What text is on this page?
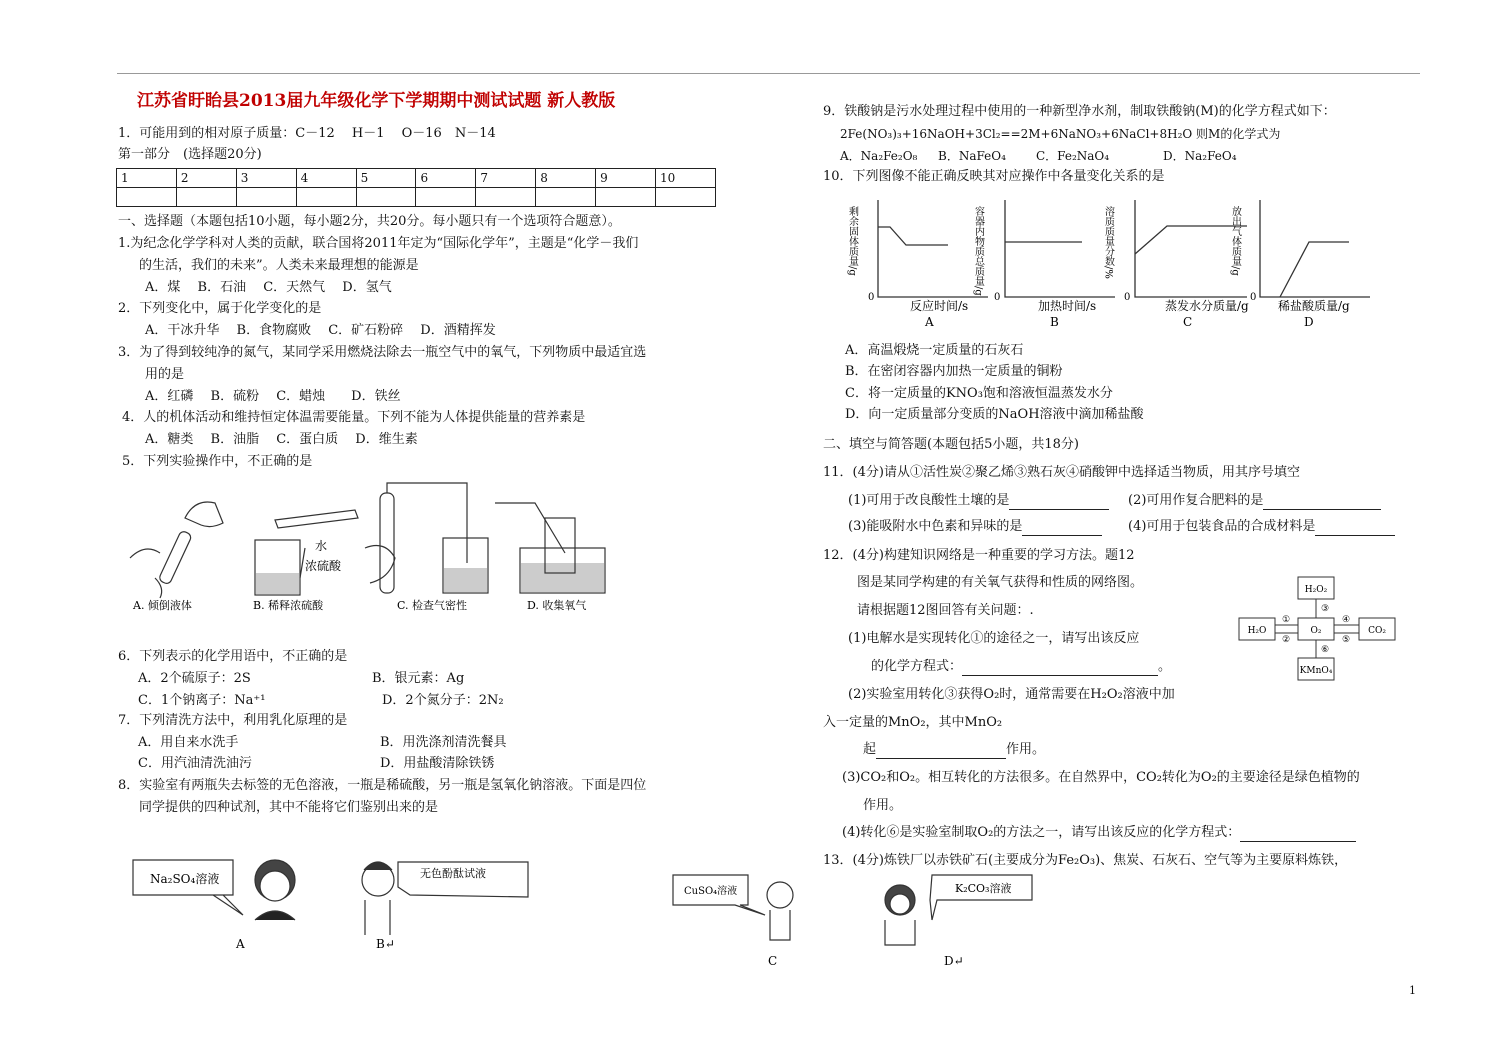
江苏省盱眙县2013届九年级化学下学期期中测试试题 新人教版
1．可能用到的相对原子质量：C－12　 H－1　 O－16　N－14
第一部分　(选择题20分)
1	2	3	4	5	6	7	8	9	10

一、选择题（本题包括10小题，每小题2分，共20分。每小题只有一个选项符合题意）。
1.为纪念化学学科对人类的贡献，联合国将2011年定为“国际化学年”，主题是“化学－我们
的生活，我们的未来”。人类未来最理想的能源是
A．煤　 B．石油　 C．天然气　 D．氢气
2．下列变化中，属于化学变化的是
A．干冰升华　 B．食物腐败　 C．矿石粉碎　 D．酒精挥发
3．为了得到较纯净的氮气，某同学采用燃烧法除去一瓶空气中的氧气，下列物质中最适宜选
用的是
A．红磷　 B．硫粉　 C．蜡烛　　D．铁丝
4．人的机体活动和维持恒定体温需要能量。下列不能为人体提供能量的营养素是
A．糖类　 B．油脂　 C．蛋白质　 D．维生素
5．下列实验操作中，不正确的是
水
浓硫酸
A. 倾倒液体	B. 稀释浓硫酸	C. 检查气密性	D. 收集氧气
6．下列表示的化学用语中，不正确的是
A．2个硫原子：2S	B．银元素：Ag
C．1个钠离子：Na⁺¹	D．2个氮分子：2N₂
7．下列清洗方法中，利用乳化原理的是
A．用自来水洗手	B．用洗涤剂清洗餐具
C．用汽油清洗油污	D．用盐酸清除铁锈
8．实验室有两瓶失去标签的无色溶液，一瓶是稀硫酸，另一瓶是氢氧化钠溶液。下面是四位
同学提供的四种试剂，其中不能将它们鉴别出来的是
Na₂SO₄溶液	无色酚酞试液
A	B↵
CuSO₄溶液	K₂CO₃溶液
C	D↵
9．铁酸钠是污水处理过程中使用的一种新型净水剂，制取铁酸钠(M)的化学方程式如下：
2Fe(NO₃)₃+16NaOH+3Cl₂==2M+6NaNO₃+6NaCl+8H₂O 则M的化学式为
A．Na₂Fe₂O₈ B．NaFeO₄	C．Fe₂NaO₄	D．Na₂FeO₄
10．下列图像不能正确反映其对应操作中各量变化关系的是
剩余固体质量/g	容器内物质总质量/g	溶质质量分数/%	放出气体质量/g
0	0	0	0
反应时间/s	加热时间/s	蒸发水分质量/g 稀盐酸质量/g
A	B	C	D
A．高温煅烧一定质量的石灰石
B．在密闭容器内加热一定质量的铜粉
C．将一定质量的KNO₃饱和溶液恒温蒸发水分
D．向一定质量部分变质的NaOH溶液中滴加稀盐酸
二、填空与简答题(本题包括5小题，共18分)
11．(4分)请从①活性炭②聚乙烯③熟石灰④硝酸钾中选择适当物质，用其序号填空
(1)可用于改良酸性土壤的是	(2)可用作复合肥料的是
(3)能吸附水中色素和异味的是	(4)可用于包装食品的合成材料是
12．(4分)构建知识网络是一种重要的学习方法。题12
图是某同学构建的有关氧气获得和性质的网络图。
请根据题12图回答有关问题：.
(1)电解水是实现转化①的途径之一，请写出该反应
的化学方程式：	。
(2)实验室用转化③获得O₂时，通常需要在H₂O₂溶液中加
入一定量的MnO₂，其中MnO₂
起	作用。
(3)CO₂和O₂。相互转化的方法很多。在自然界中，CO₂转化为O₂的主要途径是绿色植物的
作用。
(4)转化⑥是实验室制取O₂的方法之一，请写出该反应的化学方程式：
13．(4分)炼铁厂以赤铁矿石(主要成分为Fe₂O₃)、焦炭、石灰石、空气等为主要原料炼铁，
H₂O₂
H₂O	O₂	CO₂
KMnO₄
①
②
③
④
⑤
⑥
1
